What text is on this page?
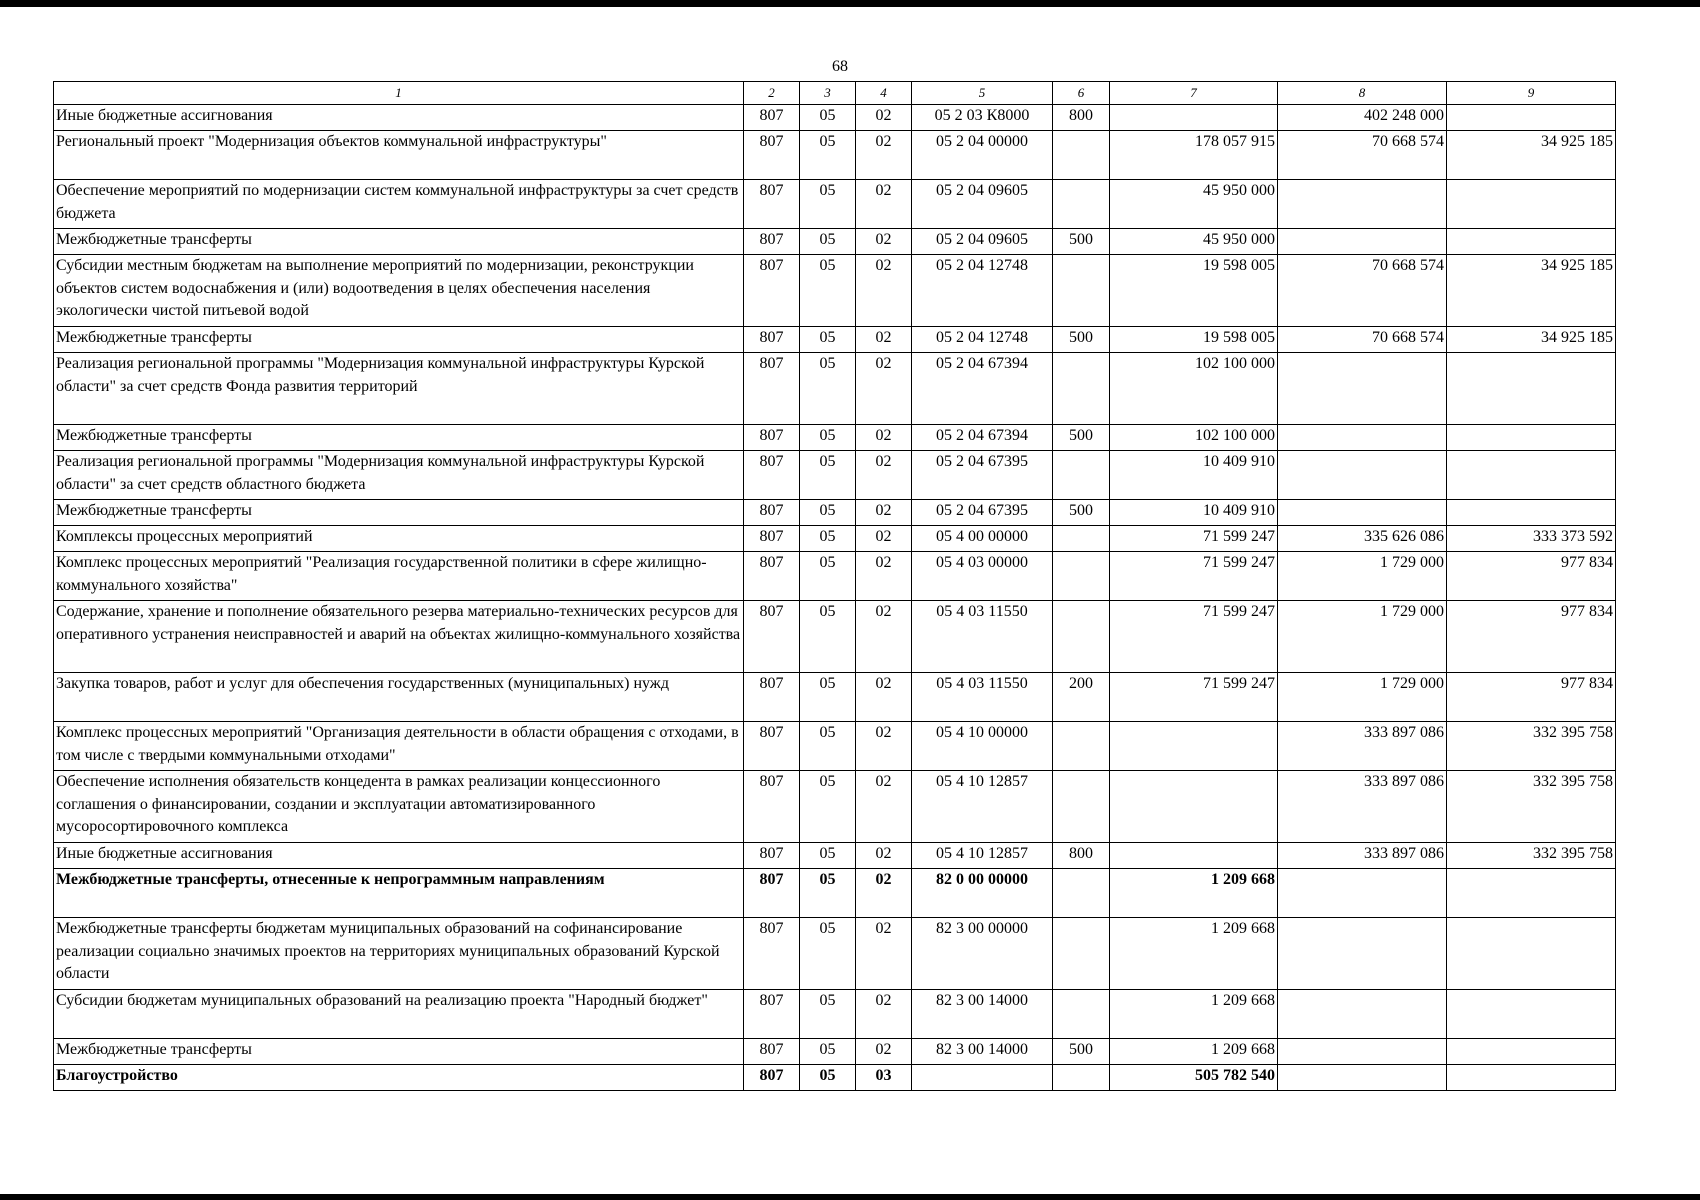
68
1	2	3	4	5	6	7	8	9
Иные бюджетные ассигнования	807	05	02	05 2 03 К8000	800		402 248 000	
Региональный проект "Модернизация объектов коммунальной инфраструктуры"	807	05	02	05 2 04 00000		178 057 915	70 668 574	34 925 185
Обеспечение мероприятий по модернизации систем коммунальной инфраструктуры за счет средств бюджета	807	05	02	05 2 04 09605		45 950 000		
Межбюджетные трансферты	807	05	02	05 2 04 09605	500	45 950 000		
Субсидии местным бюджетам на выполнение мероприятий по модернизации, реконструкции объектов систем водоснабжения и (или) водоотведения в целях обеспечения населения экологически чистой питьевой водой	807	05	02	05 2 04 12748		19 598 005	70 668 574	34 925 185
Межбюджетные трансферты	807	05	02	05 2 04 12748	500	19 598 005	70 668 574	34 925 185
Реализация региональной программы "Модернизация коммунальной инфраструктуры Курской области" за счет средств Фонда развития территорий	807	05	02	05 2 04 67394		102 100 000		
Межбюджетные трансферты	807	05	02	05 2 04 67394	500	102 100 000		
Реализация региональной программы "Модернизация коммунальной инфраструктуры Курской области" за счет средств областного бюджета	807	05	02	05 2 04 67395		10 409 910		
Межбюджетные трансферты	807	05	02	05 2 04 67395	500	10 409 910		
Комплексы процессных мероприятий	807	05	02	05 4 00 00000		71 599 247	335 626 086	333 373 592
Комплекс процессных мероприятий "Реализация государственной политики в сфере жилищно-коммунального хозяйства"	807	05	02	05 4 03 00000		71 599 247	1 729 000	977 834
Содержание, хранение и пополнение обязательного резерва материально-технических ресурсов для оперативного устранения неисправностей и аварий на объектах жилищно-коммунального хозяйства	807	05	02	05 4 03 11550		71 599 247	1 729 000	977 834
Закупка товаров, работ и услуг для обеспечения государственных (муниципальных) нужд	807	05	02	05 4 03 11550	200	71 599 247	1 729 000	977 834
Комплекс процессных мероприятий "Организация деятельности в области обращения с отходами, в том числе с твердыми коммунальными отходами"	807	05	02	05 4 10 00000			333 897 086	332 395 758
Обеспечение исполнения обязательств концедента в рамках реализации концессионного соглашения о финансировании, создании и эксплуатации автоматизированного мусоросортировочного комплекса	807	05	02	05 4 10 12857			333 897 086	332 395 758
Иные бюджетные ассигнования	807	05	02	05 4 10 12857	800		333 897 086	332 395 758
Межбюджетные трансферты, отнесенные к непрограммным направлениям	807	05	02	82 0 00 00000		1 209 668		
Межбюджетные трансферты бюджетам муниципальных образований на софинансирование реализации социально значимых проектов на территориях муниципальных образований Курской области	807	05	02	82 3 00 00000		1 209 668		
Субсидии бюджетам муниципальных образований на реализацию проекта "Народный бюджет"	807	05	02	82 3 00 14000		1 209 668		
Межбюджетные трансферты	807	05	02	82 3 00 14000	500	1 209 668		
Благоустройство	807	05	03			505 782 540		
